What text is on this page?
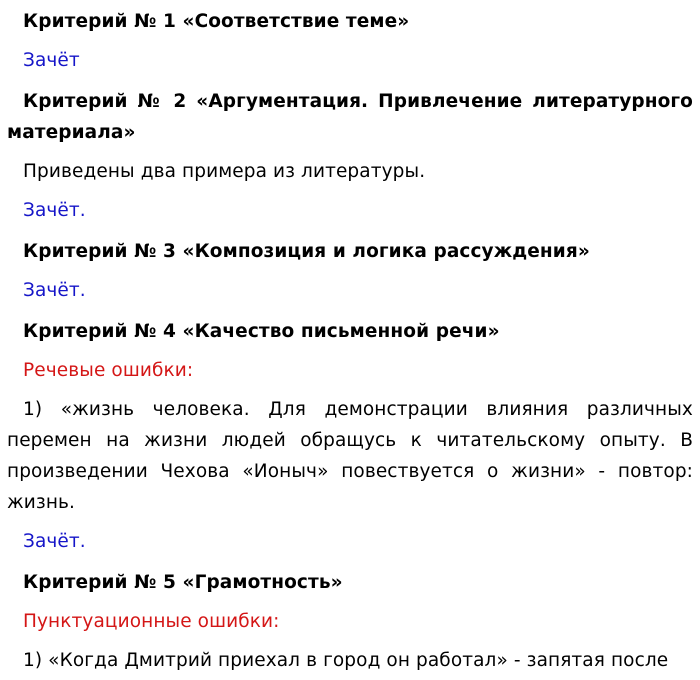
Критерий № 1 «Соответствие теме»

Зачёт

Критерий № 2 «Аргументация. Привлечение литературного материала»

Приведены два примера из литературы.

Зачёт.

Критерий № 3 «Композиция и логика рассуждения»

Зачёт.

Критерий № 4 «Качество письменной речи»

Речевые ошибки:

1) «жизнь человека. Для демонстрации влияния различных перемен на жизни людей обращусь к читательскому опыту. В произведении Чехова «Ионыч» повествуется о жизни» - повтор: жизнь.

Зачёт.

Критерий № 5 «Грамотность»

Пунктуационные ошибки:

1) «Когда Дмитрий приехал в город он работал» - запятая после
